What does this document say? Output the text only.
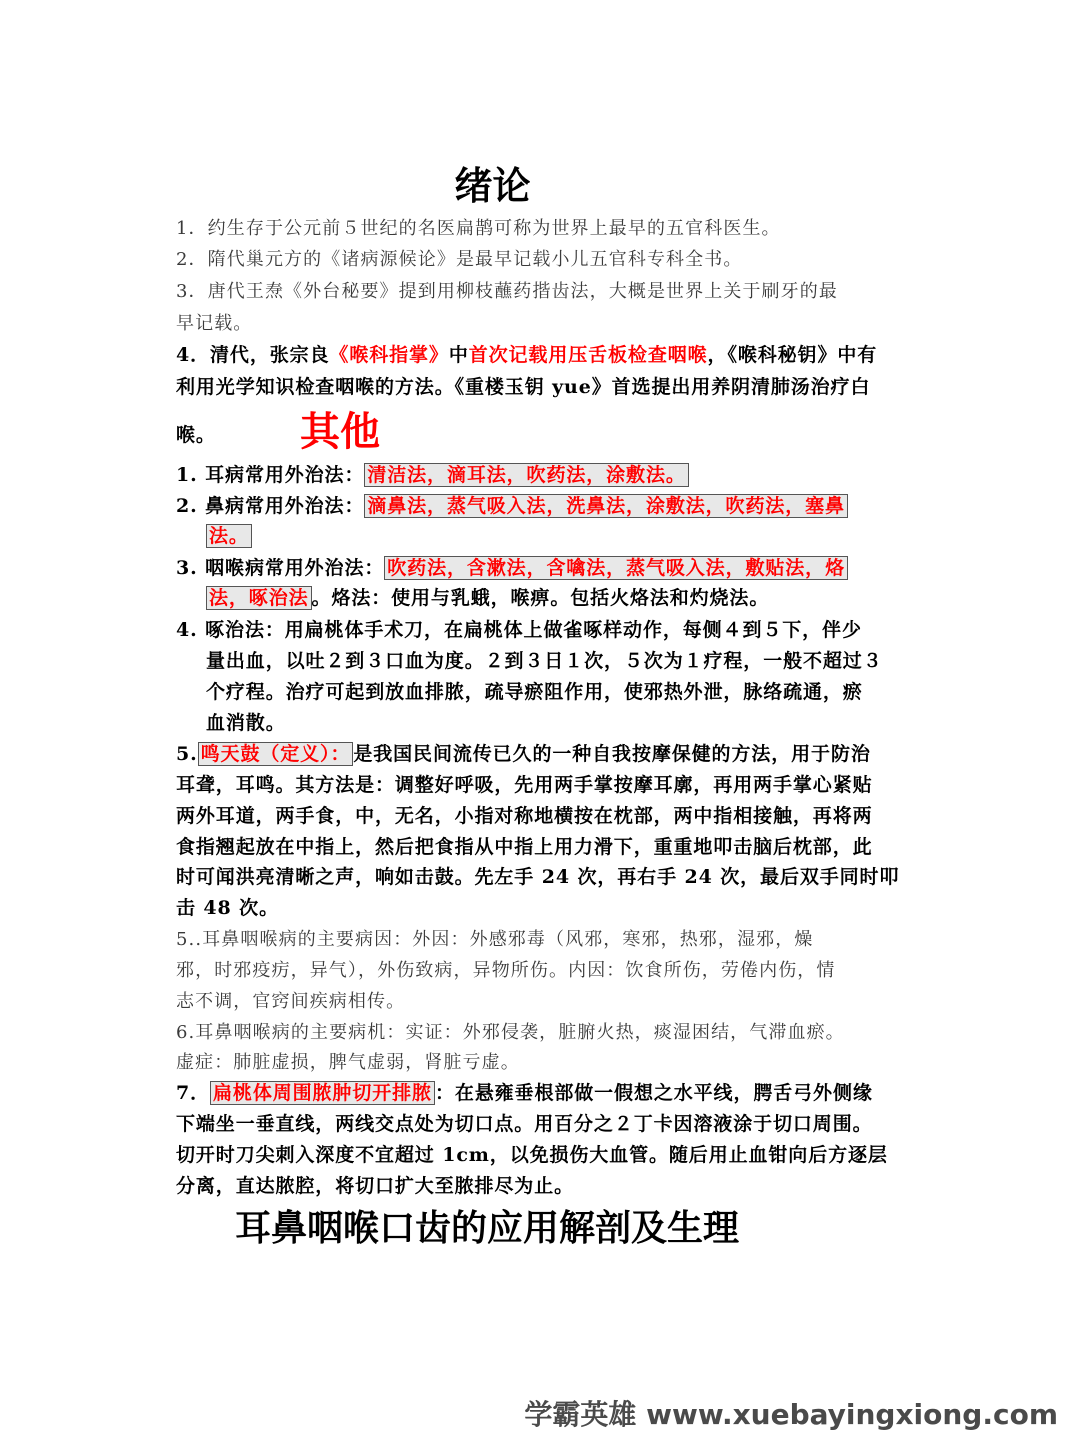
绪论
1．约生存于公元前５世纪的名医扁鹊可称为世界上最早的五官科医生。
2．隋代巢元方的《诸病源候论》是最早记载小儿五官科专科全书。
3．唐代王焘《外台秘要》提到用柳枝蘸药揩齿法，大概是世界上关于刷牙的最
早记载。
4．清代，张宗良《喉科指掌》中首次记载用压舌板检查咽喉，《喉科秘钥》中有
利用光学知识检查咽喉的方法。《重楼玉钥 yue》首选提出用养阴清肺汤治疗白
喉。 其他
1. 耳病常用外治法： 清洁法，滴耳法，吹药法，涂敷法。
2. 鼻病常用外治法： 滴鼻法，蒸气吸入法，洗鼻法，涂敷法，吹药法，塞鼻
法。
3. 咽喉病常用外治法： 吹药法，含漱法，含噙法，蒸气吸入法，敷贴法，烙
法，啄治法 。烙法：使用与乳蛾，喉痹。包括火烙法和灼烧法。
4. 啄治法：用扁桃体手术刀，在扁桃体上做雀啄样动作，每侧４到５下，伴少
量出血，以吐２到３口血为度。２到３日１次，５次为１疗程，一般不超过３
个疗程。治疗可起到放血排脓，疏导瘀阻作用，使邪热外泄，脉络疏通，瘀
血消散。
5. 鸣天鼓（定义）： 是我国民间流传已久的一种自我按摩保健的方法，用于防治
耳聋，耳鸣。其方法是：调整好呼吸，先用两手掌按摩耳廓，再用两手掌心紧贴
两外耳道，两手食，中，无名，小指对称地横按在枕部，两中指相接触，再将两
食指翘起放在中指上，然后把食指从中指上用力滑下，重重地叩击脑后枕部，此
时可闻洪亮清晰之声，响如击鼓。先左手 24 次，再右手 24 次，最后双手同时叩
击 48 次。
5..耳鼻咽喉病的主要病因：外因：外感邪毒（风邪，寒邪，热邪，湿邪，燥
邪，时邪疫疠，异气），外伤致病，异物所伤。内因：饮食所伤，劳倦内伤，情
志不调，官窍间疾病相传。
6.耳鼻咽喉病的主要病机：实证：外邪侵袭，脏腑火热，痰湿困结，气滞血瘀。
虚症：肺脏虚损，脾气虚弱，肾脏亏虚。
7． 扁桃体周围脓肿切开排脓 ：在悬雍垂根部做一假想之水平线，腭舌弓外侧缘
下端坐一垂直线，两线交点处为切口点。用百分之２丁卡因溶液涂于切口周围。
切开时刀尖刺入深度不宜超过 1cm，以免损伤大血管。随后用止血钳向后方逐层
分离，直达脓腔，将切口扩大至脓排尽为止。
耳鼻咽喉口齿的应用解剖及生理
学霸英雄 www.xuebayingxiong.com
